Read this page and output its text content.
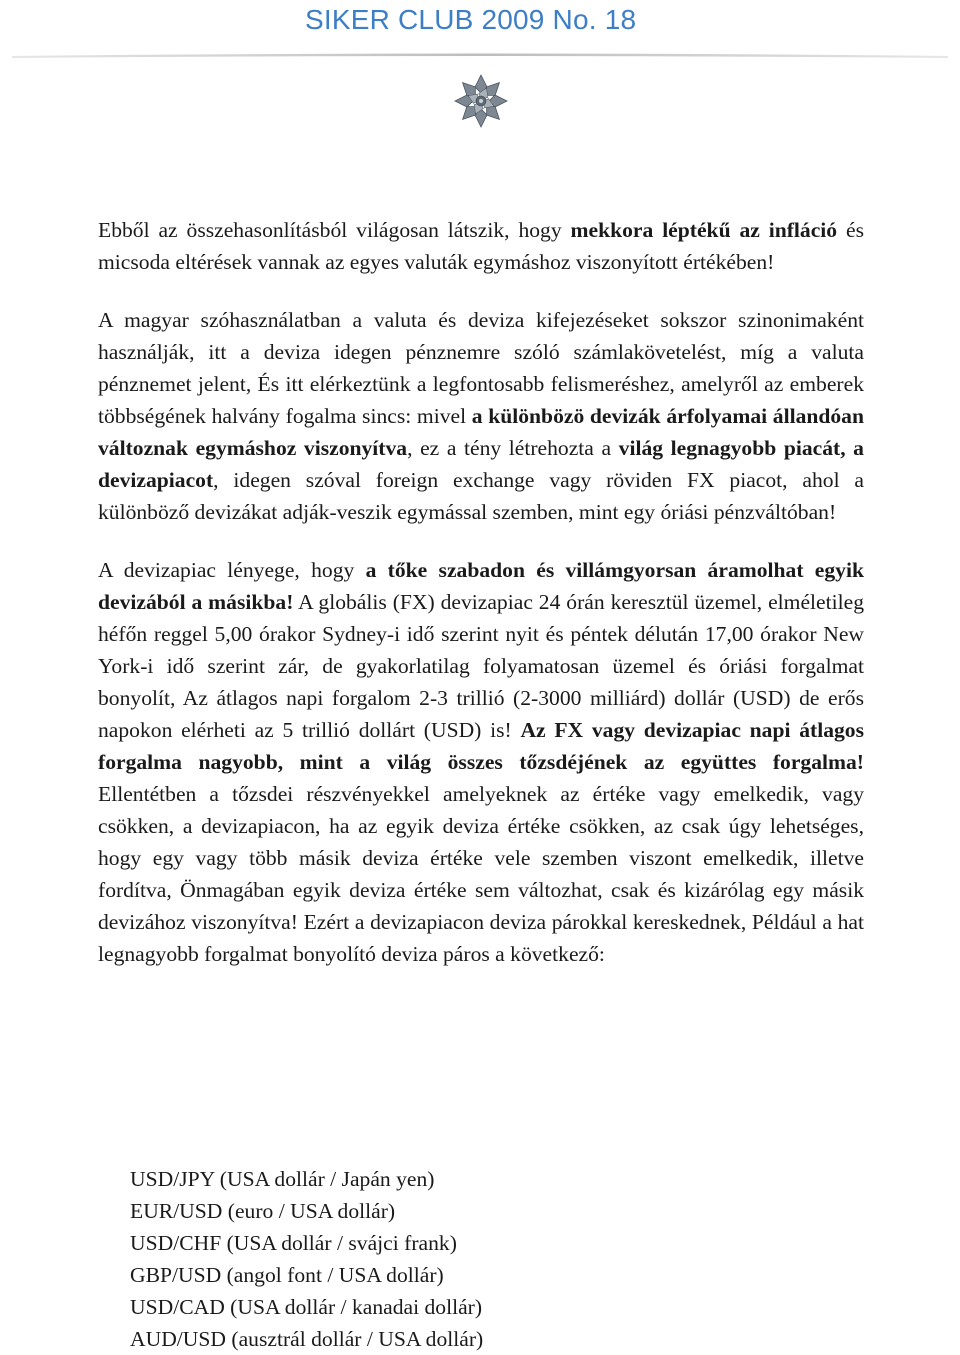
SIKER CLUB 2009 No. 18

Ebből az összehasonlításból világosan látszik, hogy mekkora léptékű az infláció és micsoda eltérések vannak az egyes valuták egymáshoz viszonyított értékében!

A magyar szóhasználatban a valuta és deviza kifejezéseket sokszor szinonimaként használják, itt a deviza idegen pénznemre szóló számlakövetelést, míg a valuta pénznemet jelent, És itt elérkeztünk a legfontosabb felismeréshez, amelyről az emberek többségének halvány fogalma sincs: mivel a különbözö devizák árfolyamai állandóan változnak egymáshoz viszonyítva, ez a tény létrehozta a világ legnagyobb piacát, a devizapiacot, idegen szóval foreign exchange vagy röviden FX piacot, ahol a különböző devizákat adják-veszik egymással szemben, mint egy óriási pénzváltóban!

A devizapiac lényege, hogy a tőke szabadon és villámgyorsan áramolhat egyik devizából a másikba! A globális (FX) devizapiac 24 órán keresztül üzemel, elméletileg héfőn reggel 5,00 órakor Sydney-i idő szerint nyit és péntek délután 17,00 órakor New York-i idő szerint zár, de gyakorlatilag folyamatosan üzemel és óriási forgalmat bonyolít, Az átlagos napi forgalom 2-3 trillió (2-3000 milliárd) dollár (USD) de erős napokon elérheti az 5 trillió dollárt (USD) is! Az FX vagy devizapiac napi átlagos forgalma nagyobb, mint a világ összes tőzsdéjének az együttes forgalma! Ellentétben a tőzsdei részvényekkel amelyeknek az értéke vagy emelkedik, vagy csökken, a devizapiacon, ha az egyik deviza értéke csökken, az csak úgy lehetséges, hogy egy vagy több másik deviza értéke vele szemben viszont emelkedik, illetve fordítva, Önmagában egyik deviza értéke sem változhat, csak és kizárólag egy másik devizához viszonyítva! Ezért a devizapiacon deviza párokkal kereskednek, Például a hat legnagyobb forgalmat bonyolító deviza páros a következő:

USD/JPY (USA dollár / Japán yen)
EUR/USD (euro / USA dollár)
USD/CHF (USA dollár / svájci frank)
GBP/USD (angol font / USA dollár)
USD/CAD (USA dollár / kanadai dollár)
AUD/USD (ausztrál dollár / USA dollár)
